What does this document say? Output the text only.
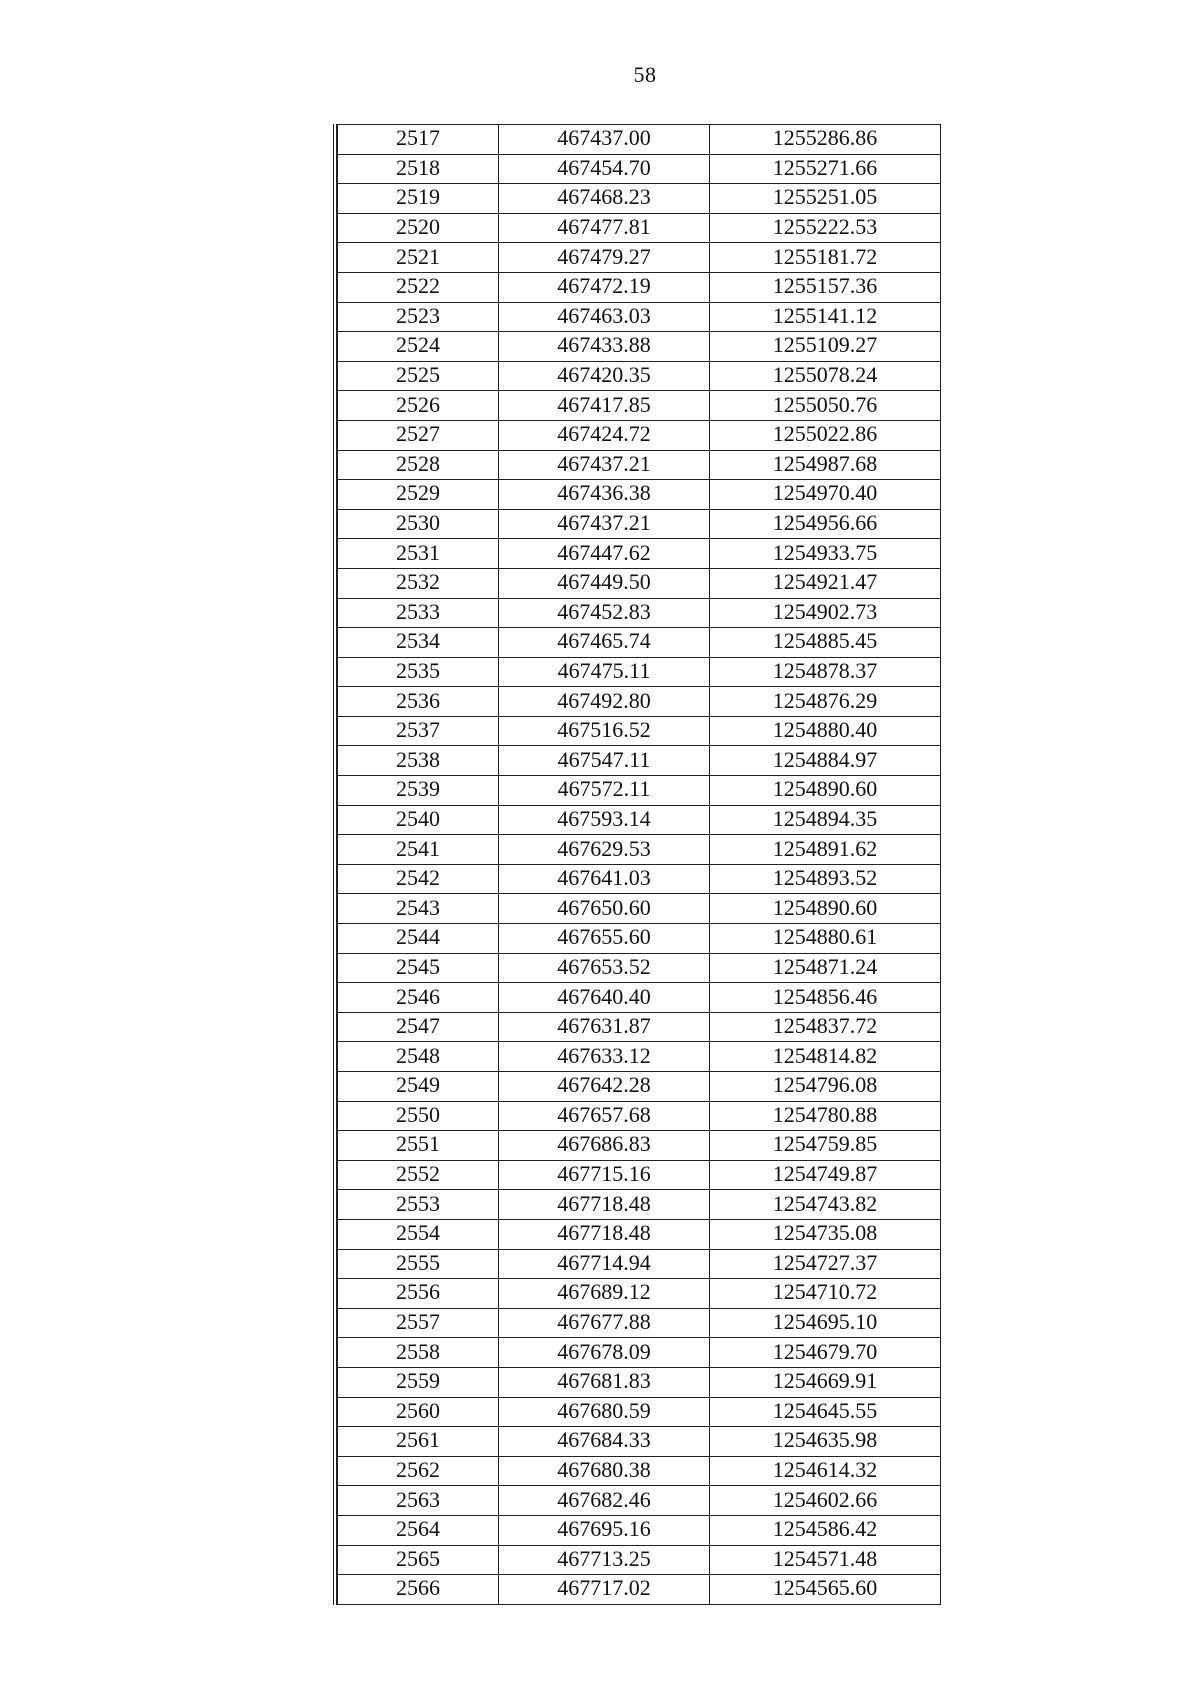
58
2517	467437.00	1255286.86
2518	467454.70	1255271.66
2519	467468.23	1255251.05
2520	467477.81	1255222.53
2521	467479.27	1255181.72
2522	467472.19	1255157.36
2523	467463.03	1255141.12
2524	467433.88	1255109.27
2525	467420.35	1255078.24
2526	467417.85	1255050.76
2527	467424.72	1255022.86
2528	467437.21	1254987.68
2529	467436.38	1254970.40
2530	467437.21	1254956.66
2531	467447.62	1254933.75
2532	467449.50	1254921.47
2533	467452.83	1254902.73
2534	467465.74	1254885.45
2535	467475.11	1254878.37
2536	467492.80	1254876.29
2537	467516.52	1254880.40
2538	467547.11	1254884.97
2539	467572.11	1254890.60
2540	467593.14	1254894.35
2541	467629.53	1254891.62
2542	467641.03	1254893.52
2543	467650.60	1254890.60
2544	467655.60	1254880.61
2545	467653.52	1254871.24
2546	467640.40	1254856.46
2547	467631.87	1254837.72
2548	467633.12	1254814.82
2549	467642.28	1254796.08
2550	467657.68	1254780.88
2551	467686.83	1254759.85
2552	467715.16	1254749.87
2553	467718.48	1254743.82
2554	467718.48	1254735.08
2555	467714.94	1254727.37
2556	467689.12	1254710.72
2557	467677.88	1254695.10
2558	467678.09	1254679.70
2559	467681.83	1254669.91
2560	467680.59	1254645.55
2561	467684.33	1254635.98
2562	467680.38	1254614.32
2563	467682.46	1254602.66
2564	467695.16	1254586.42
2565	467713.25	1254571.48
2566	467717.02	1254565.60
